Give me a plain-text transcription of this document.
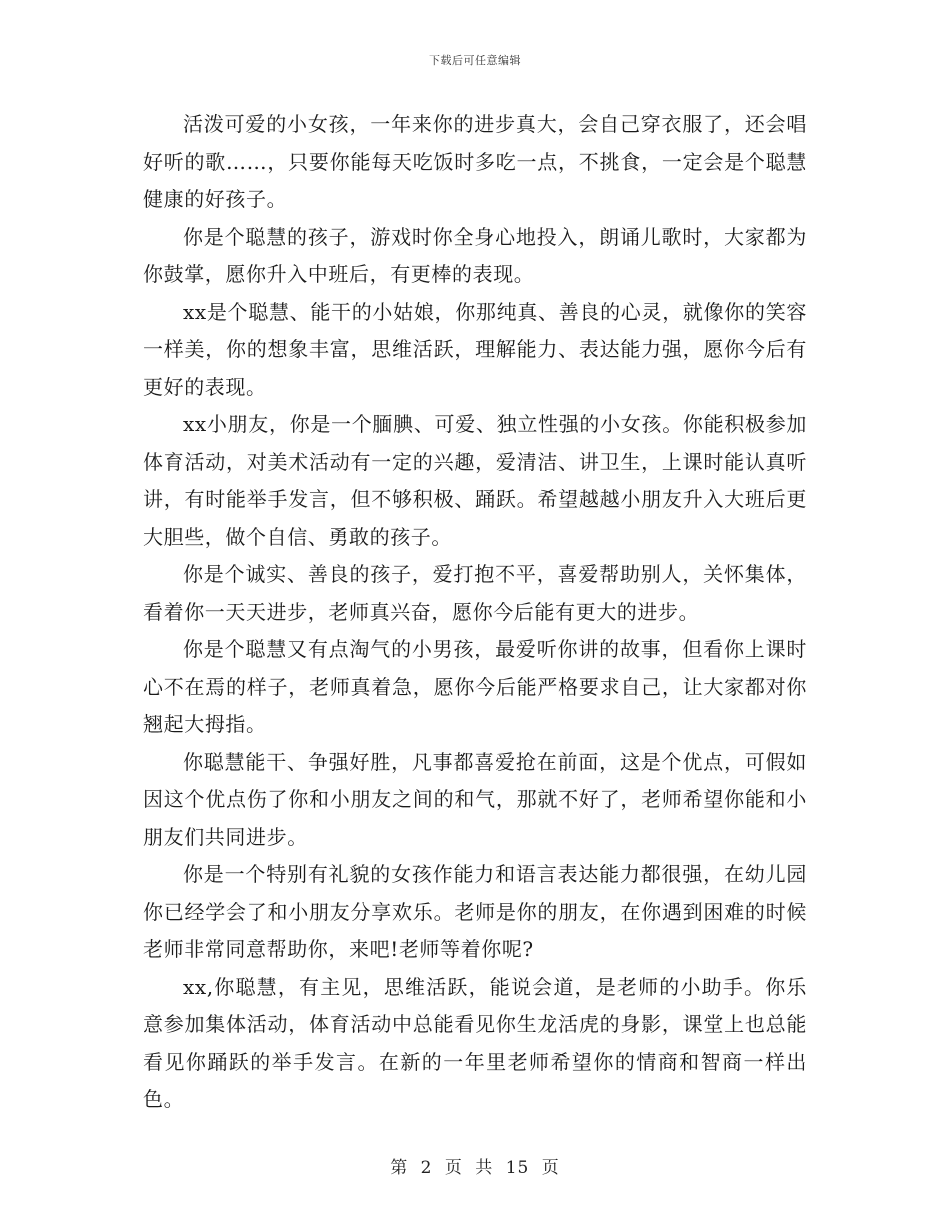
下载后可任意编辑

活泼可爱的小女孩，一年来你的进步真大，会自己穿衣服了，还会唱好听的歌……，只要你能每天吃饭时多吃一点，不挑食，一定会是个聪慧健康的好孩子。

你是个聪慧的孩子，游戏时你全身心地投入，朗诵儿歌时，大家都为你鼓掌，愿你升入中班后，有更棒的表现。

xx是个聪慧、能干的小姑娘，你那纯真、善良的心灵，就像你的笑容一样美，你的想象丰富，思维活跃，理解能力、表达能力强，愿你今后有更好的表现。

xx小朋友，你是一个腼腆、可爱、独立性强的小女孩。你能积极参加体育活动，对美术活动有一定的兴趣，爱清洁、讲卫生，上课时能认真听讲，有时能举手发言，但不够积极、踊跃。希望越越小朋友升入大班后更大胆些，做个自信、勇敢的孩子。

你是个诚实、善良的孩子，爱打抱不平，喜爱帮助别人，关怀集体，看着你一天天进步，老师真兴奋，愿你今后能有更大的进步。

你是个聪慧又有点淘气的小男孩，最爱听你讲的故事，但看你上课时心不在焉的样子，老师真着急，愿你今后能严格要求自己，让大家都对你翘起大拇指。

你聪慧能干、争强好胜，凡事都喜爱抢在前面，这是个优点，可假如因这个优点伤了你和小朋友之间的和气，那就不好了，老师希望你能和小朋友们共同进步。

你是一个特别有礼貌的女孩作能力和语言表达能力都很强，在幼儿园你已经学会了和小朋友分享欢乐。老师是你的朋友，在你遇到困难的时候老师非常同意帮助你，来吧!老师等着你呢?

xx,你聪慧，有主见，思维活跃，能说会道，是老师的小助手。你乐意参加集体活动，体育活动中总能看见你生龙活虎的身影，课堂上也总能看见你踊跃的举手发言。在新的一年里老师希望你的情商和智商一样出色。

第 2 页 共 15 页
